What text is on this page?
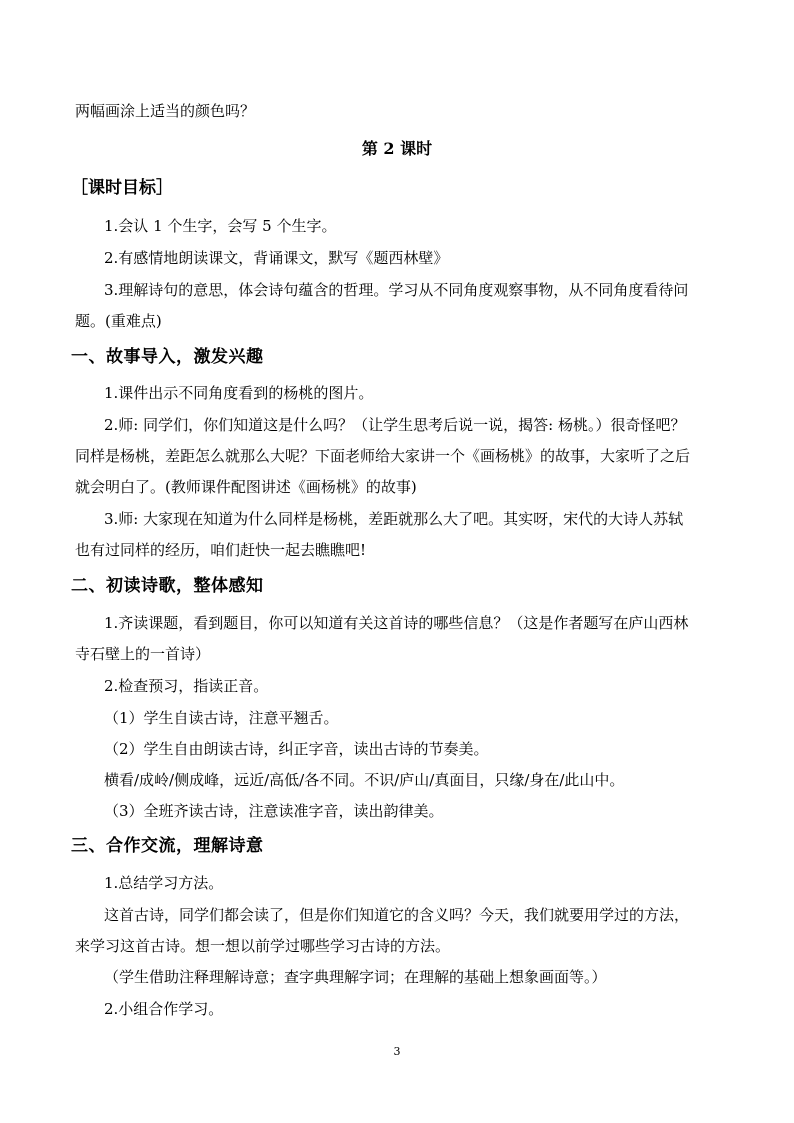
两幅画涂上适当的颜色吗？
第 2 课时
［课时目标］
1.会认 1 个生字，会写 5 个生字。
2.有感情地朗读课文，背诵课文，默写《题西林壁》
3.理解诗句的意思，体会诗句蕴含的哲理。学习从不同角度观察事物，从不同角度看待问
题。(重难点)
一、故事导入，激发兴趣
1.课件出示不同角度看到的杨桃的图片。
2.师: 同学们，你们知道这是什么吗？（让学生思考后说一说，揭答: 杨桃。）很奇怪吧？
同样是杨桃，差距怎么就那么大呢？下面老师给大家讲一个《画杨桃》的故事，大家听了之后
就会明白了。(教师课件配图讲述《画杨桃》的故事)
3.师: 大家现在知道为什么同样是杨桃，差距就那么大了吧。其实呀，宋代的大诗人苏轼
也有过同样的经历，咱们赶快一起去瞧瞧吧!
二、初读诗歌，整体感知
1.齐读课题，看到题目，你可以知道有关这首诗的哪些信息？（这是作者题写在庐山西林
寺石壁上的一首诗）
2.检查预习，指读正音。
（1）学生自读古诗，注意平翘舌。
（2）学生自由朗读古诗，纠正字音，读出古诗的节奏美。
横看/成岭/侧成峰，远近/高低/各不同。不识/庐山/真面目，只缘/身在/此山中。
（3）全班齐读古诗，注意读准字音，读出韵律美。
三、合作交流，理解诗意
1.总结学习方法。
这首古诗，同学们都会读了，但是你们知道它的含义吗？今天，我们就要用学过的方法，
来学习这首古诗。想一想以前学过哪些学习古诗的方法。
（学生借助注释理解诗意；查字典理解字词；在理解的基础上想象画面等。）
2.小组合作学习。
3
